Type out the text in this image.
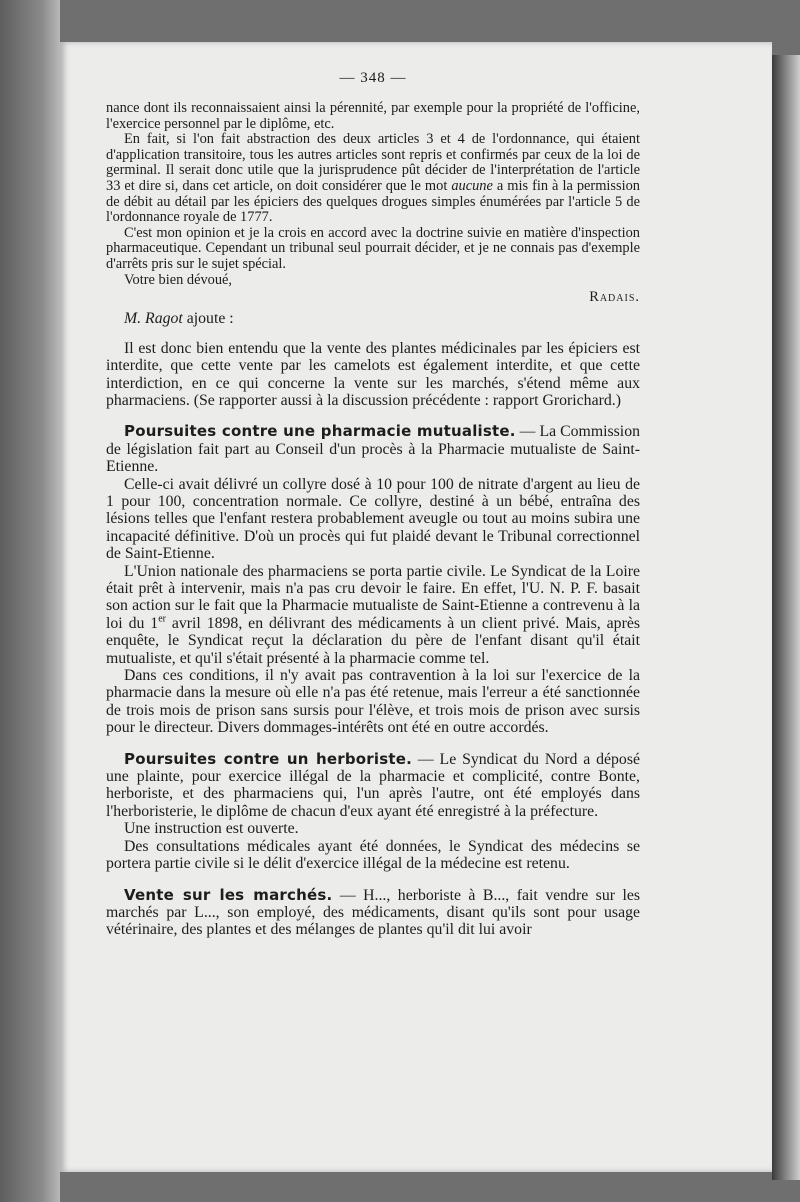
— 348 —

nance dont ils reconnaissaient ainsi la pérennité, par exemple pour la propriété de l'officine, l'exercice personnel par le diplôme, etc.

En fait, si l'on fait abstraction des deux articles 3 et 4 de l'ordonnance, qui étaient d'application transitoire, tous les autres articles sont repris et confirmés par ceux de la loi de germinal. Il serait donc utile que la jurisprudence pût décider de l'interprétation de l'article 33 et dire si, dans cet article, on doit considérer que le mot aucune a mis fin à la permission de débit au détail par les épiciers des quelques drogues simples énumérées par l'article 5 de l'ordonnance royale de 1777.

C'est mon opinion et je la crois en accord avec la doctrine suivie en matière d'inspection pharmaceutique. Cependant un tribunal seul pourrait décider, et je ne connais pas d'exemple d'arrêts pris sur le sujet spécial.

Votre bien dévoué,

Radais.

M. Ragot ajoute :

Il est donc bien entendu que la vente des plantes médicinales par les épiciers est interdite, que cette vente par les camelots est également interdite, et que cette interdiction, en ce qui concerne la vente sur les marchés, s'étend même aux pharmaciens. (Se rapporter aussi à la discussion précédente : rapport Grorichard.)

Poursuites contre une pharmacie mutualiste. — La Commission de législation fait part au Conseil d'un procès à la Pharmacie mutualiste de Saint-Etienne.

Celle-ci avait délivré un collyre dosé à 10 pour 100 de nitrate d'argent au lieu de 1 pour 100, concentration normale. Ce collyre, destiné à un bébé, entraîna des lésions telles que l'enfant restera probablement aveugle ou tout au moins subira une incapacité définitive. D'où un procès qui fut plaidé devant le Tribunal correctionnel de Saint-Etienne.

L'Union nationale des pharmaciens se porta partie civile. Le Syndicat de la Loire était prêt à intervenir, mais n'a pas cru devoir le faire. En effet, l'U. N. P. F. basait son action sur le fait que la Pharmacie mutualiste de Saint-Etienne a contrevenu à la loi du 1er avril 1898, en délivrant des médicaments à un client privé. Mais, après enquête, le Syndicat reçut la déclaration du père de l'enfant disant qu'il était mutualiste, et qu'il s'était présenté à la pharmacie comme tel.

Dans ces conditions, il n'y avait pas contravention à la loi sur l'exercice de la pharmacie dans la mesure où elle n'a pas été retenue, mais l'erreur a été sanctionnée de trois mois de prison sans sursis pour l'élève, et trois mois de prison avec sursis pour le directeur. Divers dommages-intérêts ont été en outre accordés.

Poursuites contre un herboriste. — Le Syndicat du Nord a déposé une plainte, pour exercice illégal de la pharmacie et complicité, contre Bonte, herboriste, et des pharmaciens qui, l'un après l'autre, ont été employés dans l'herboristerie, le diplôme de chacun d'eux ayant été enregistré à la préfecture.

Une instruction est ouverte.

Des consultations médicales ayant été données, le Syndicat des médecins se portera partie civile si le délit d'exercice illégal de la médecine est retenu.

Vente sur les marchés. — H..., herboriste à B..., fait vendre sur les marchés par L..., son employé, des médicaments, disant qu'ils sont pour usage vétérinaire, des plantes et des mélanges de plantes qu'il dit lui avoir
